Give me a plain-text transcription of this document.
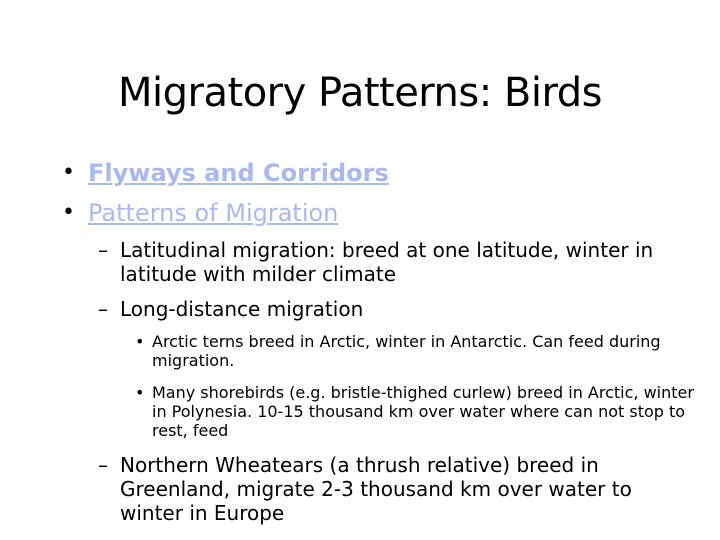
Migratory Patterns: Birds
• Flyways and Corridors
• Patterns of Migration
– Latitudinal migration: breed at one latitude, winter in latitude with milder climate
– Long-distance migration
• Arctic terns breed in Arctic, winter in Antarctic. Can feed during migration.
• Many shorebirds (e.g. bristle-thighed curlew) breed in Arctic, winter in Polynesia. 10-15 thousand km over water where can not stop to rest, feed
– Northern Wheatears (a thrush relative) breed in Greenland, migrate 2-3 thousand km over water to winter in Europe
